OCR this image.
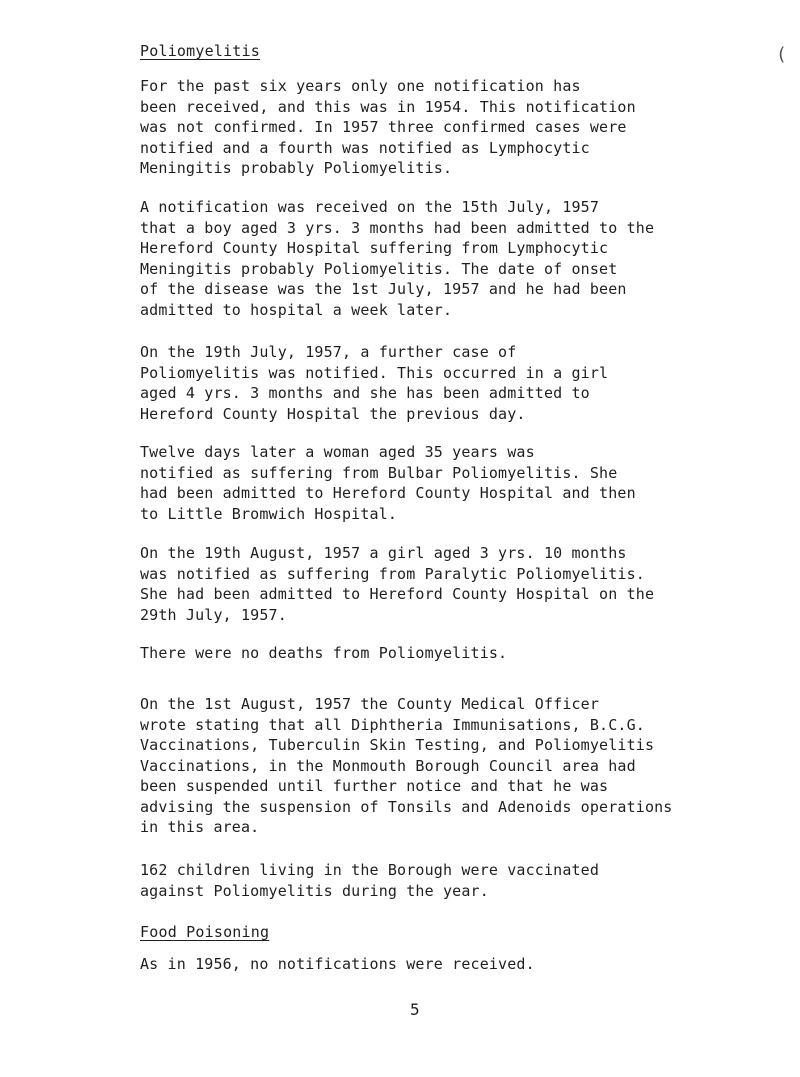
(
Poliomyelitis
For the past six years only one notification has
been received, and this was in 1954. This notification
was not confirmed. In 1957 three confirmed cases were
notified and a fourth was notified as Lymphocytic
Meningitis probably Poliomyelitis.
A notification was received on the 15th July, 1957
that a boy aged 3 yrs. 3 months had been admitted to the
Hereford County Hospital suffering from Lymphocytic
Meningitis probably Poliomyelitis. The date of onset
of the disease was the 1st July, 1957 and he had been
admitted to hospital a week later.
On the 19th July, 1957, a further case of
Poliomyelitis was notified. This occurred in a girl
aged 4 yrs. 3 months and she has been admitted to
Hereford County Hospital the previous day.
Twelve days later a woman aged 35 years was
notified as suffering from Bulbar Poliomyelitis. She
had been admitted to Hereford County Hospital and then
to Little Bromwich Hospital.
On the 19th August, 1957 a girl aged 3 yrs. 10 months
was notified as suffering from Paralytic Poliomyelitis.
She had been admitted to Hereford County Hospital on the
29th July, 1957.
There were no deaths from Poliomyelitis.
On the 1st August, 1957 the County Medical Officer
wrote stating that all Diphtheria Immunisations, B.C.G.
Vaccinations, Tuberculin Skin Testing, and Poliomyelitis
Vaccinations, in the Monmouth Borough Council area had
been suspended until further notice and that he was
advising the suspension of Tonsils and Adenoids operations
in this area.
162 children living in the Borough were vaccinated
against Poliomyelitis during the year.
Food Poisoning
As in 1956, no notifications were received.
5
